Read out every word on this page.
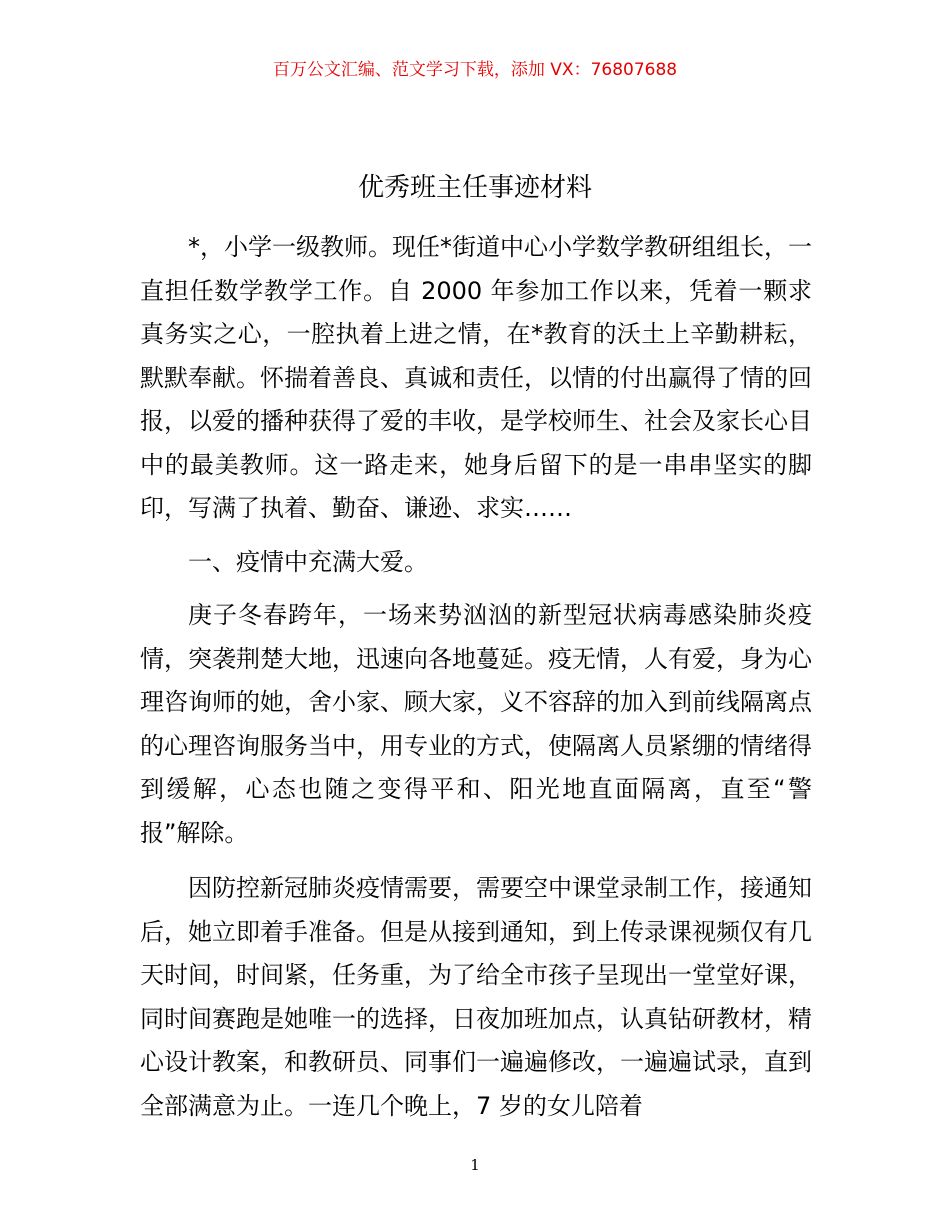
百万公文汇编、范文学习下载，添加 VX：76807688
优秀班主任事迹材料

*，小学一级教师。现任*街道中心小学数学教研组组长，一直担任数学教学工作。自 2000 年参加工作以来，凭着一颗求真务实之心，一腔执着上进之情，在*教育的沃土上辛勤耕耘，默默奉献。怀揣着善良、真诚和责任，以情的付出赢得了情的回报，以爱的播种获得了爱的丰收，是学校师生、社会及家长心目中的最美教师。这一路走来，她身后留下的是一串串坚实的脚印，写满了执着、勤奋、谦逊、求实……

一、疫情中充满大爱。

庚子冬春跨年，一场来势汹汹的新型冠状病毒感染肺炎疫情，突袭荆楚大地，迅速向各地蔓延。疫无情，人有爱，身为心理咨询师的她，舍小家、顾大家，义不容辞的加入到前线隔离点的心理咨询服务当中，用专业的方式，使隔离人员紧绷的情绪得到缓解，心态也随之变得平和、阳光地直面隔离，直至“警报”解除。

因防控新冠肺炎疫情需要，需要空中课堂录制工作，接通知后，她立即着手准备。但是从接到通知，到上传录课视频仅有几天时间，时间紧，任务重，为了给全市孩子呈现出一堂堂好课，同时间赛跑是她唯一的选择，日夜加班加点，认真钻研教材，精心设计教案，和教研员、同事们一遍遍修改，一遍遍试录，直到全部满意为止。一连几个晚上，7 岁的女儿陪着

1
